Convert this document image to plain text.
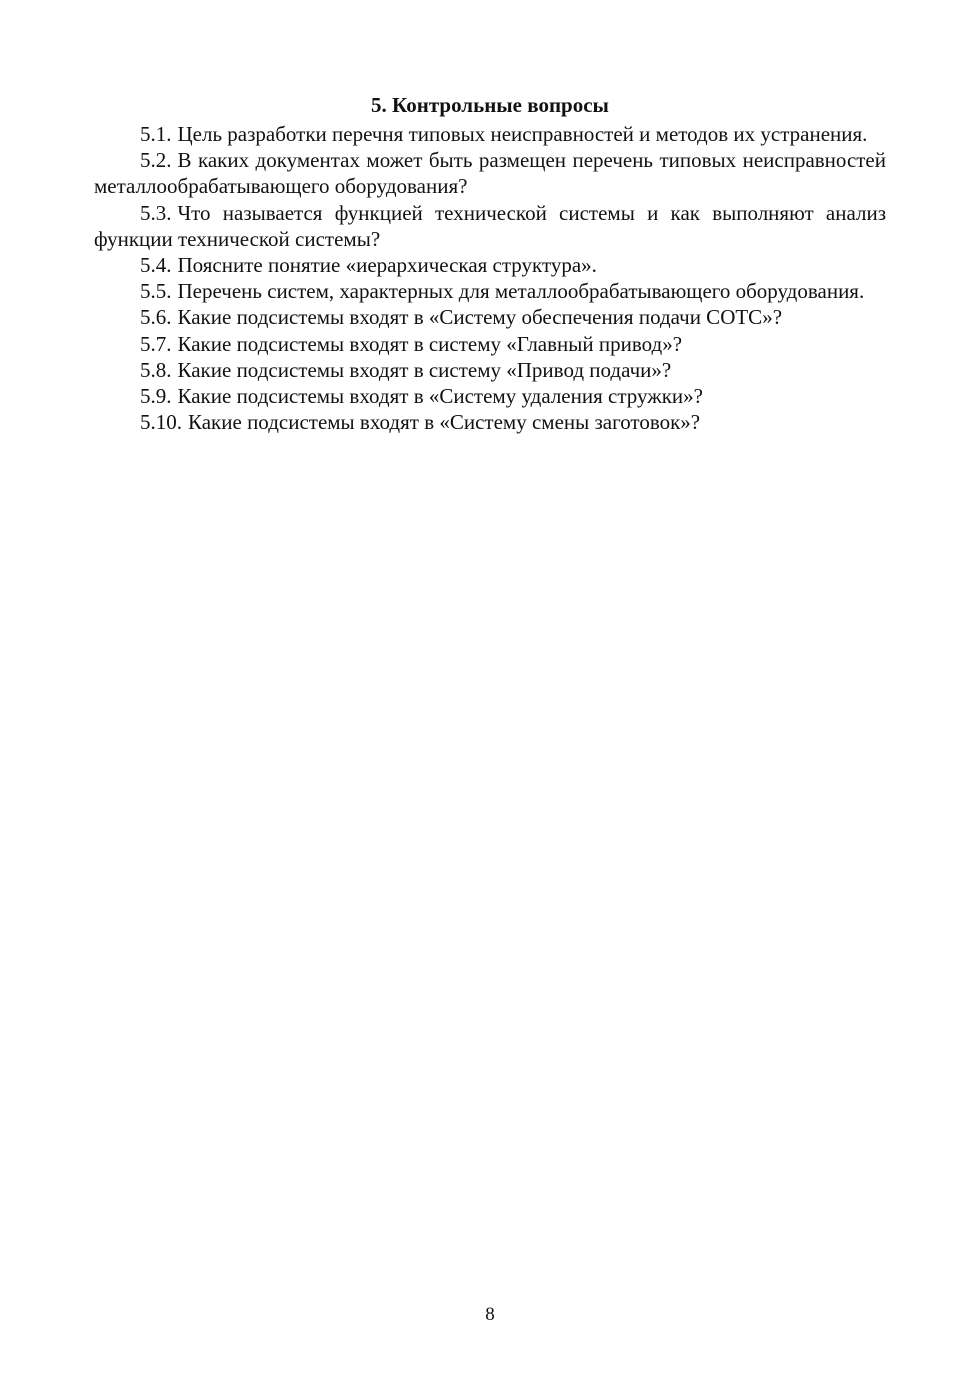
5. Контрольные вопросы

5.1. Цель разработки перечня типовых неисправностей и методов их устранения.

5.2. В каких документах может быть размещен перечень типовых неисправностей металлообрабатывающего оборудования?

5.3. Что называется функцией технической системы и как выполняют анализ функции технической системы?

5.4. Поясните понятие «иерархическая структура».

5.5. Перечень систем, характерных для металлообрабатывающего оборудования.

5.6. Какие подсистемы входят в «Систему обеспечения подачи СОТС»?

5.7. Какие подсистемы входят в систему «Главный привод»?

5.8. Какие подсистемы входят в систему «Привод подачи»?

5.9. Какие подсистемы входят в «Систему удаления стружки»?

5.10. Какие подсистемы входят в «Систему смены заготовок»?

8
